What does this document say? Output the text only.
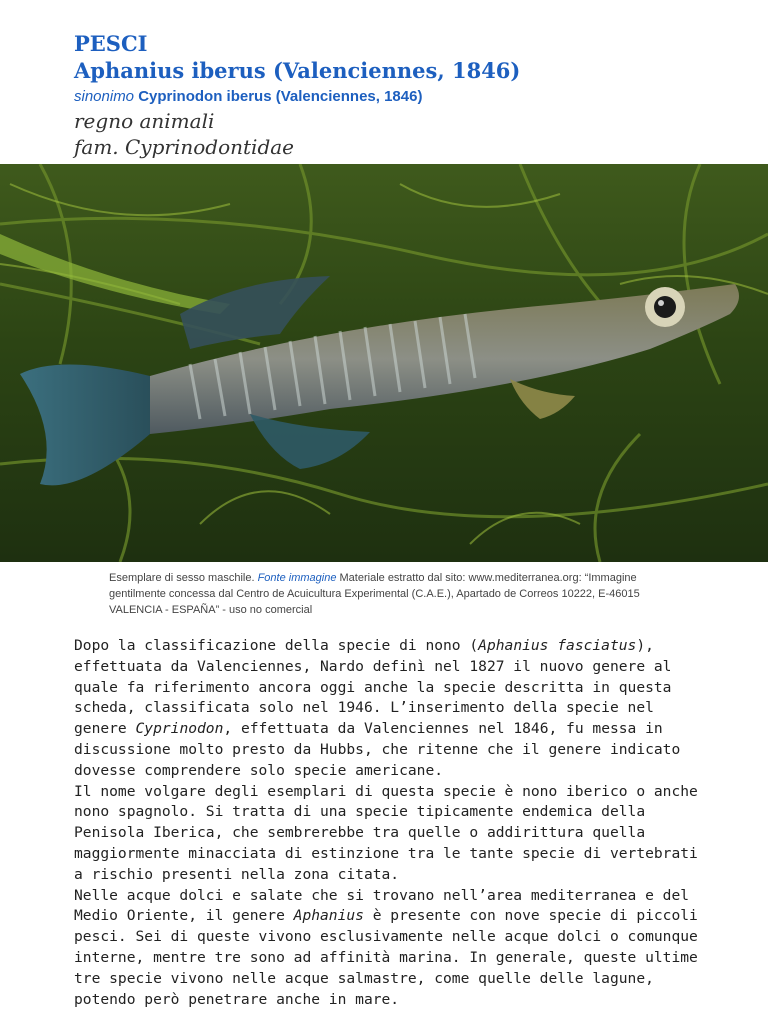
PESCI
Aphanius iberus (Valenciennes, 1846)
sinonimo Cyprinodon iberus (Valenciennes, 1846)
regno animali
fam. Cyprinodontidae
Esemplare di sesso maschile. Fonte immagine Materiale estratto dal sito: www.mediterranea.org: “Immagine gentilmente concessa dal Centro de Acuicultura Experimental (C.A.E.), Apartado de Correos 10222, E-46015 VALENCIA - ESPAÑA” - uso no comercial

Dopo la classificazione della specie di nono (Aphanius fasciatus), effettuata da Valenciennes, Nardo definì nel 1827 il nuovo genere al quale fa riferimento ancora oggi anche la specie descritta in questa scheda, classificata solo nel 1946. L’inserimento della specie nel genere Cyprinodon, effettuata da Valenciennes nel 1846, fu messa in discussione molto presto da Hubbs, che ritenne che il genere indicato dovesse comprendere solo specie americane.

Il nome volgare degli esemplari di questa specie è nono iberico o anche nono spagnolo. Si tratta di una specie tipicamente endemica della Penisola Iberica, che sembrerebbe tra quelle o addirittura quella maggiormente minacciata di estinzione tra le tante specie di vertebrati a rischio presenti nella zona citata.

Nelle acque dolci e salate che si trovano nell’area mediterranea e del Medio Oriente, il genere Aphanius è presente con nove specie di piccoli pesci. Sei di queste vivono esclusivamente nelle acque dolci o comunque interne, mentre tre sono ad affinità marina. In generale, queste ultime tre specie vivono nelle acque salmastre, come quelle delle lagune, potendo però penetrare anche in mare.
